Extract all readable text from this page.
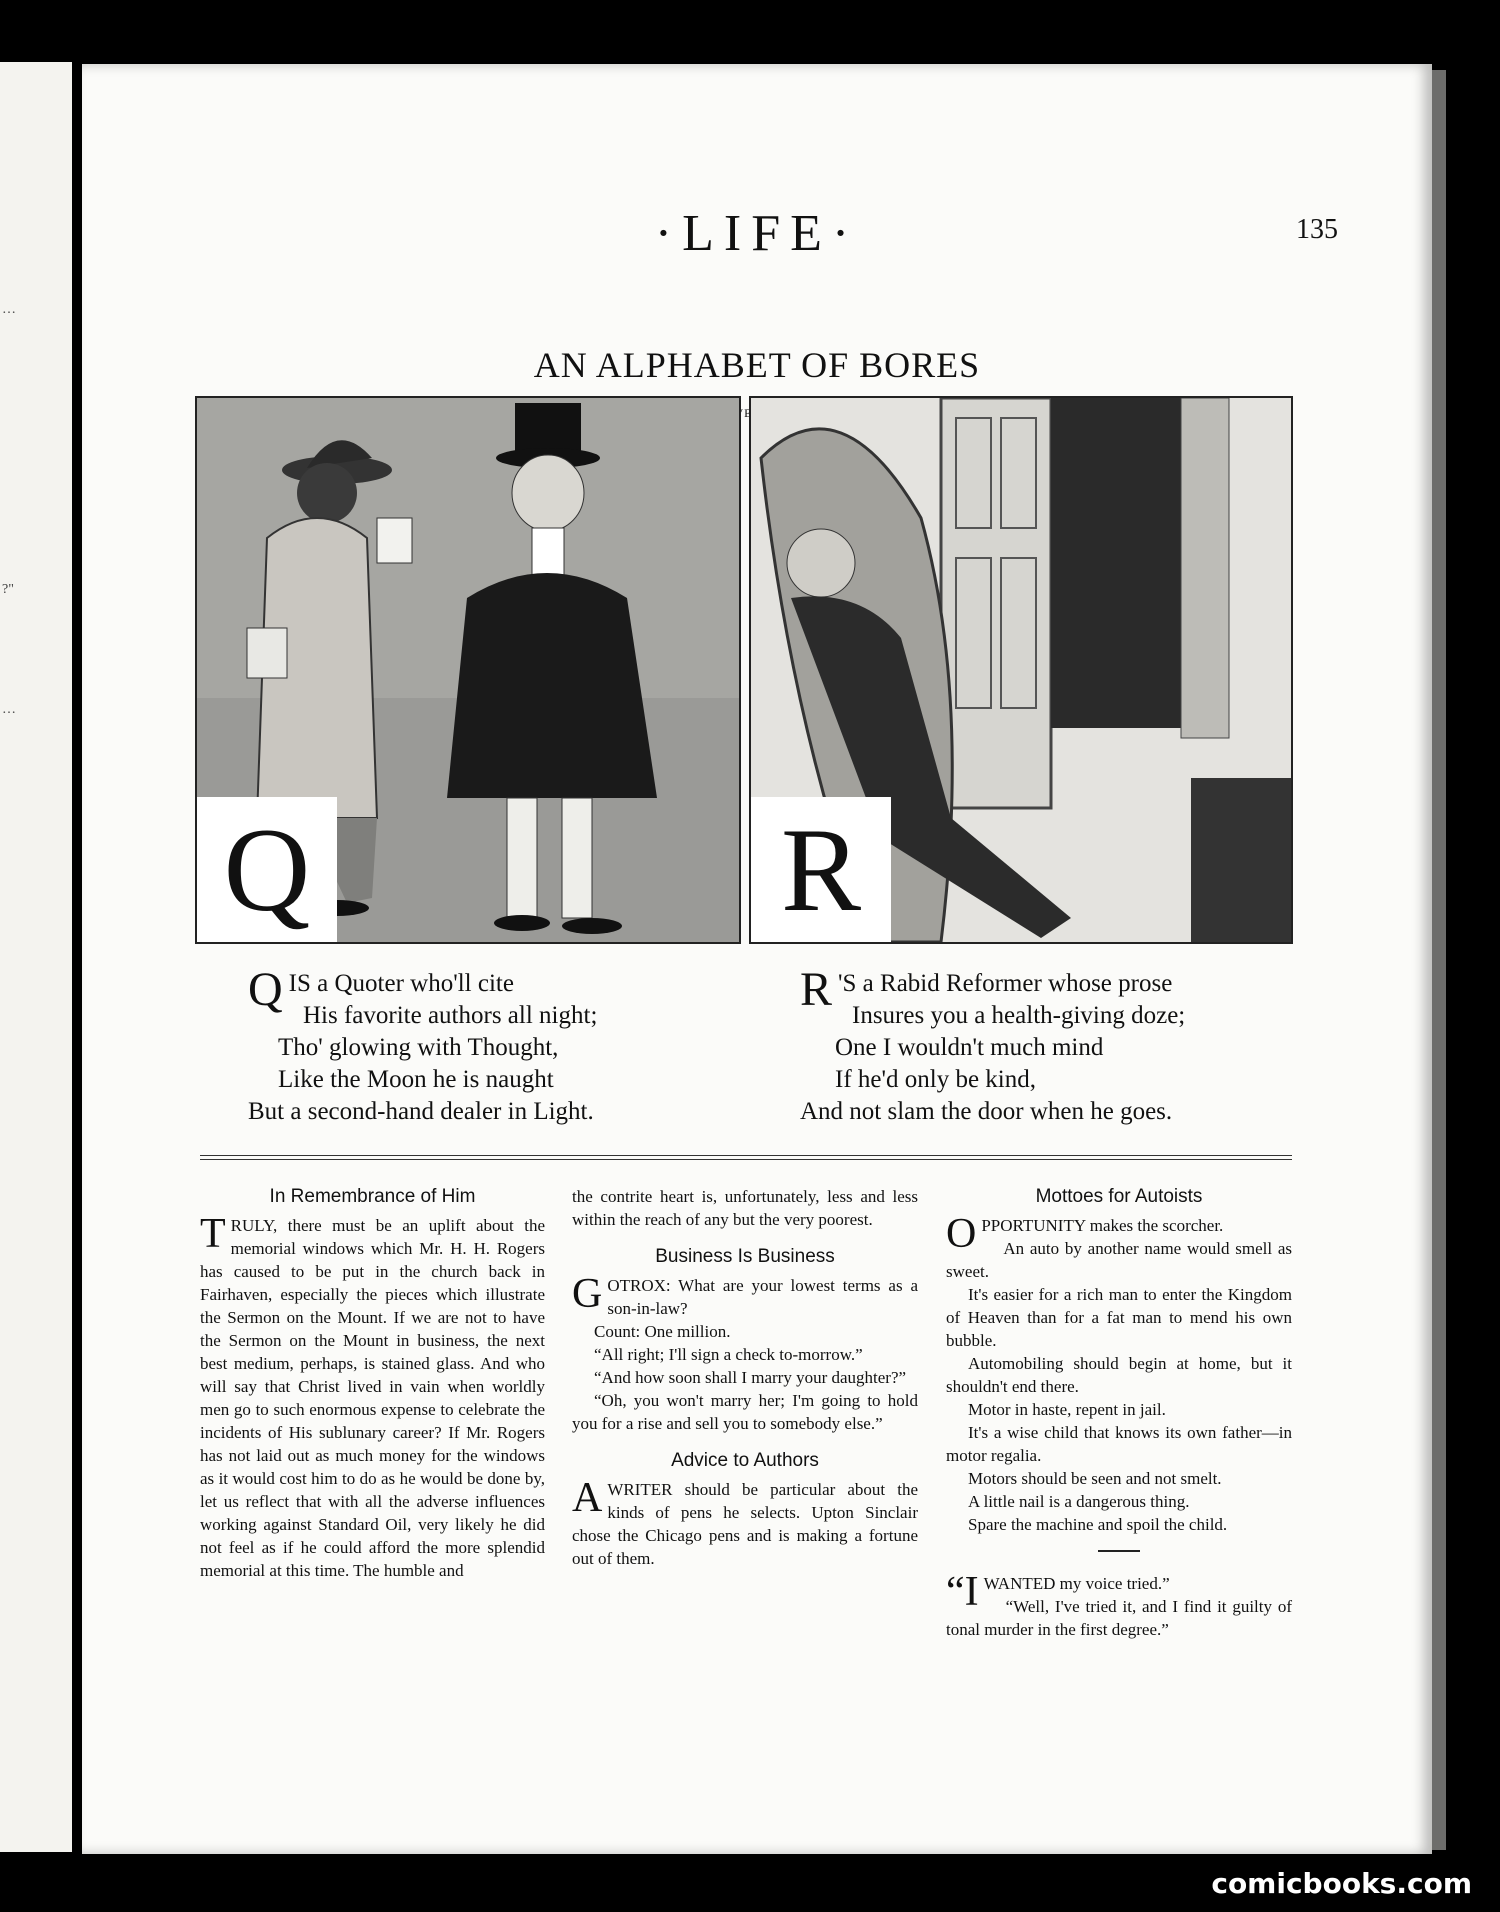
…
?"
…
·LIFE·	135
AN ALPHABET OF BORES
Q	R
Q IS a Quoter who'll cite
His favorite authors all night;
Tho' glowing with Thought,
Like the Moon he is naught
But a second-hand dealer in Light.
R 'S a Rabid Reformer whose prose
Insures you a health-giving doze;
One I wouldn't much mind
If he'd only be kind,
And not slam the door when he goes.
In Remembrance of Him

TRULY, there must be an uplift about the memorial windows which Mr. H. H. Rogers has caused to be put in the church back in Fairhaven, especially the pieces which illustrate the Sermon on the Mount. If we are not to have the Sermon on the Mount in business, the next best medium, perhaps, is stained glass. And who will say that Christ lived in vain when worldly men go to such enormous expense to celebrate the incidents of His sublunary career? If Mr. Rogers has not laid out as much money for the windows as it would cost him to do as he would be done by, let us reflect that with all the adverse influences working against Standard Oil, very likely he did not feel as if he could afford the more splendid memorial at this time. The humble and

the contrite heart is, unfortunately, less and less within the reach of any but the very poorest.

Business Is Business

GOTROX: What are your lowest terms as a son-in-law?

Count: One million.

“All right; I'll sign a check to-morrow.”

“And how soon shall I marry your daughter?”

“Oh, you won't marry her; I'm going to hold you for a rise and sell you to somebody else.”

Advice to Authors

AWRITER should be particular about the kinds of pens he selects. Upton Sinclair chose the Chicago pens and is making a fortune out of them.

Mottoes for Autoists

OPPORTUNITY makes the scorcher.

An auto by another name would smell as sweet.

It's easier for a rich man to enter the Kingdom of Heaven than for a fat man to mend his own bubble.

Automobiling should begin at home, but it shouldn't end there.

Motor in haste, repent in jail.

It's a wise child that knows its own father—in motor regalia.

Motors should be seen and not smelt.

A little nail is a dangerous thing.

Spare the machine and spoil the child.

“IWANTED my voice tried.”

“Well, I've tried it, and I find it guilty of tonal murder in the first degree.”

comicbooks.com
